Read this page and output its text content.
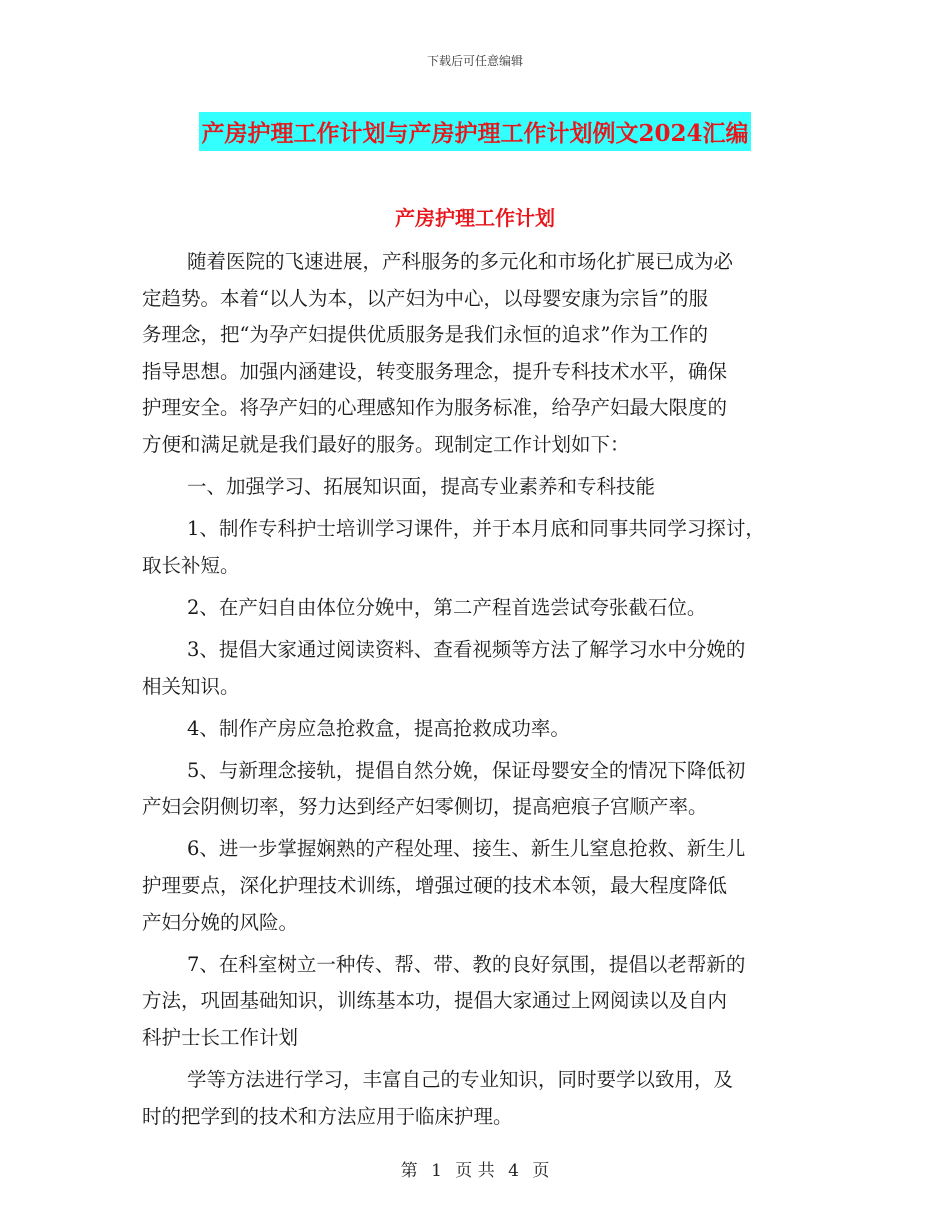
下载后可任意编辑
产房护理工作计划与产房护理工作计划例文2024汇编
产房护理工作计划
随着医院的飞速进展，产科服务的多元化和市场化扩展已成为必
定趋势。本着“以人为本，以产妇为中心，以母婴安康为宗旨”的服
务理念，把“为孕产妇提供优质服务是我们永恒的追求”作为工作的
指导思想。加强内涵建设，转变服务理念，提升专科技术水平，确保
护理安全。将孕产妇的心理感知作为服务标准，给孕产妇最大限度的
方便和满足就是我们最好的服务。现制定工作计划如下：
一、加强学习、拓展知识面，提高专业素养和专科技能
1、制作专科护士培训学习课件，并于本月底和同事共同学习探讨，
取长补短。
2、在产妇自由体位分娩中，第二产程首选尝试夸张截石位。
3、提倡大家通过阅读资料、查看视频等方法了解学习水中分娩的
相关知识。
4、制作产房应急抢救盒，提高抢救成功率。
5、与新理念接轨，提倡自然分娩，保证母婴安全的情况下降低初
产妇会阴侧切率，努力达到经产妇零侧切，提高疤痕子宫顺产率。
6、进一步掌握娴熟的产程处理、接生、新生儿窒息抢救、新生儿
护理要点，深化护理技术训练，增强过硬的技术本领，最大程度降低
产妇分娩的风险。
7、在科室树立一种传、帮、带、教的良好氛围，提倡以老帮新的
方法，巩固基础知识，训练基本功，提倡大家通过上网阅读以及自内
科护士长工作计划
学等方法进行学习，丰富自己的专业知识，同时要学以致用，及
时的把学到的技术和方法应用于临床护理。
第 1 页 共 4 页
